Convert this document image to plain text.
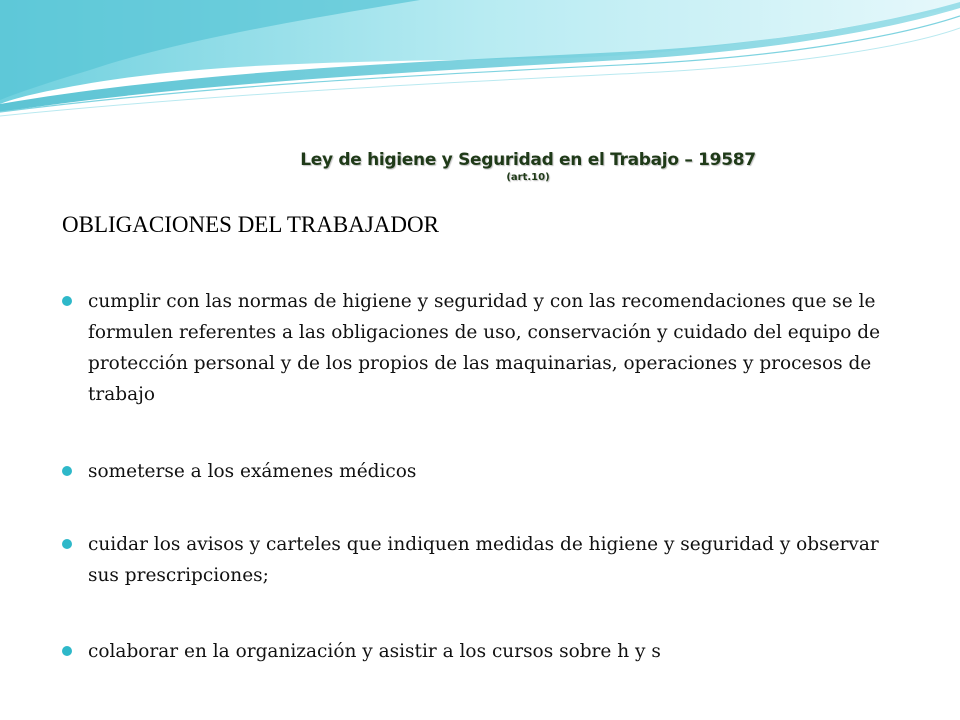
Ley de higiene y Seguridad en el Trabajo – 19587
(art.10)
OBLIGACIONES DEL TRABAJADOR
cumplir con las normas de higiene y seguridad y con las recomendaciones que se le formulen referentes a las obligaciones de uso, conservación y cuidado del equipo de protección personal y de los propios de las maquinarias, operaciones y procesos de trabajo
someterse a los exámenes médicos
cuidar los avisos y carteles que indiquen medidas de higiene y seguridad y observar sus prescripciones;
colaborar en la organización y asistir a los cursos sobre h y s
